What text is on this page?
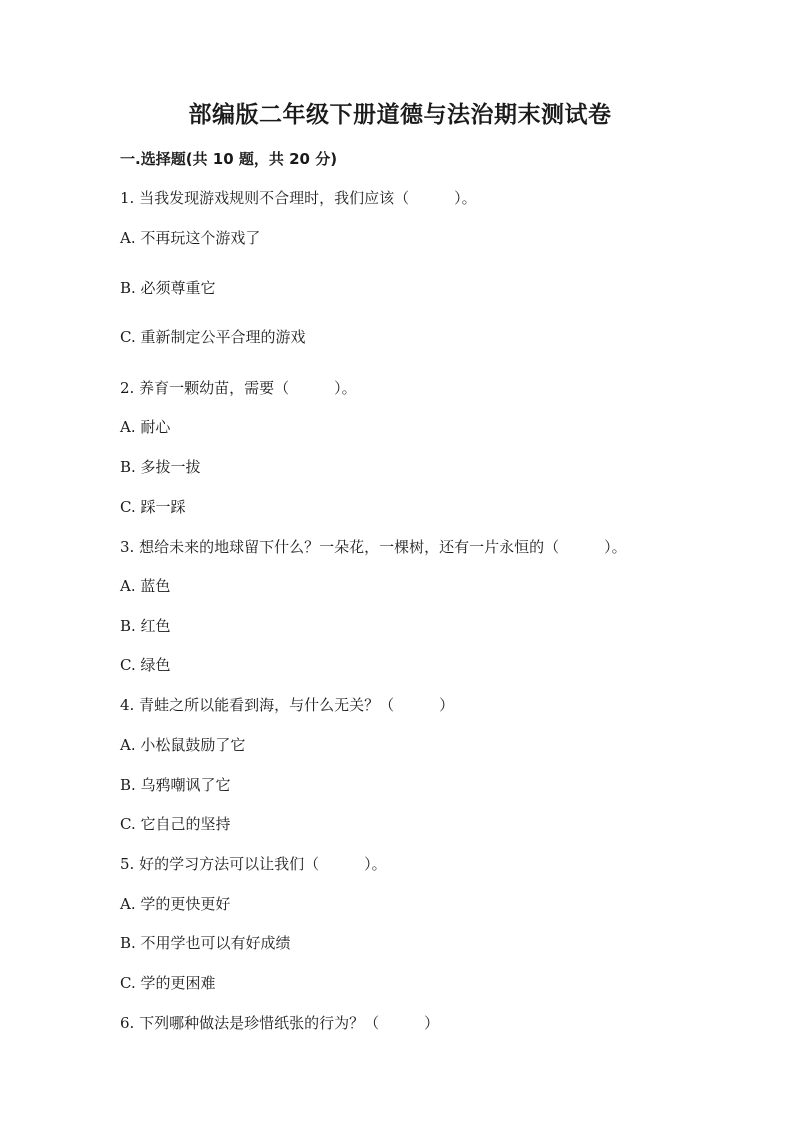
部编版二年级下册道德与法治期末测试卷
一.选择题(共 10 题，共 20 分)
1. 当我发现游戏规则不合理时，我们应该（　　　）。
A. 不再玩这个游戏了
B. 必须尊重它
C. 重新制定公平合理的游戏
2. 养育一颗幼苗，需要（　　　）。
A. 耐心
B. 多拔一拔
C. 踩一踩
3. 想给未来的地球留下什么？一朵花，一棵树，还有一片永恒的（　　　）。
A. 蓝色
B. 红色
C. 绿色
4. 青蛙之所以能看到海，与什么无关？（　　　）
A. 小松鼠鼓励了它
B. 乌鸦嘲讽了它
C. 它自己的坚持
5. 好的学习方法可以让我们（　　　）。
A. 学的更快更好
B. 不用学也可以有好成绩
C. 学的更困难
6. 下列哪种做法是珍惜纸张的行为？（　　　）
